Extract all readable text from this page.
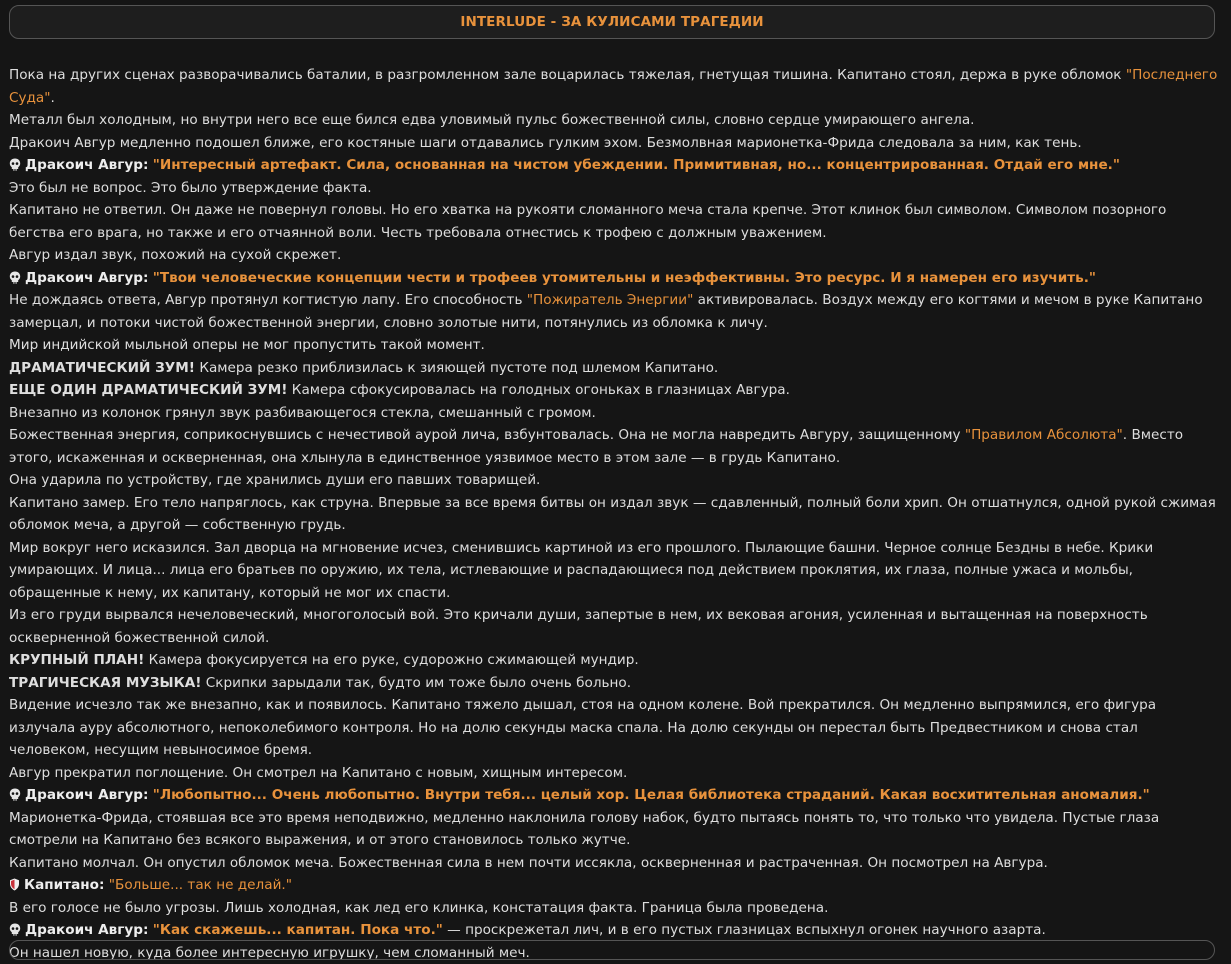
INTERLUDE - ЗА КУЛИСАМИ ТРАГЕДИИ

Пока на других сценах разворачивались баталии, в разгромленном зале воцарилась тяжелая, гнетущая тишина. Капитано стоял, держа в руке обломок "Последнего Суда".

Металл был холодным, но внутри него все еще бился едва уловимый пульс божественной силы, словно сердце умирающего ангела.

Дракоич Авгур медленно подошел ближе, его костяные шаги отдавались гулким эхом. Безмолвная марионетка-Фрида следовала за ним, как тень.

Дракоич Авгур: "Интересный артефакт. Сила, основанная на чистом убеждении. Примитивная, но... концентрированная. Отдай его мне."

Это был не вопрос. Это было утверждение факта.

Капитано не ответил. Он даже не повернул головы. Но его хватка на рукояти сломанного меча стала крепче. Этот клинок был символом. Символом позорного бегства его врага, но также и его отчаянной воли. Честь требовала отнестись к трофею с должным уважением.

Авгур издал звук, похожий на сухой скрежет.

Дракоич Авгур: "Твои человеческие концепции чести и трофеев утомительны и неэффективны. Это ресурс. И я намерен его изучить."

Не дождаясь ответа, Авгур протянул когтистую лапу. Его способность "Пожиратель Энергии" активировалась. Воздух между его когтями и мечом в руке Капитано замерцал, и потоки чистой божественной энергии, словно золотые нити, потянулись из обломка к личу.

Мир индийской мыльной оперы не мог пропустить такой момент.

ДРАМАТИЧЕСКИЙ ЗУМ! Камера резко приблизилась к зияющей пустоте под шлемом Капитано.

ЕЩЕ ОДИН ДРАМАТИЧЕСКИЙ ЗУМ! Камера сфокусировалась на голодных огоньках в глазницах Авгура.

Внезапно из колонок грянул звук разбивающегося стекла, смешанный с громом.

Божественная энергия, соприкоснувшись с нечестивой аурой лича, взбунтовалась. Она не могла навредить Авгуру, защищенному "Правилом Абсолюта". Вместо этого, искаженная и оскверненная, она хлынула в единственное уязвимое место в этом зале — в грудь Капитано.

Она ударила по устройству, где хранились души его павших товарищей.

Капитано замер. Его тело напряглось, как струна. Впервые за все время битвы он издал звук — сдавленный, полный боли хрип. Он отшатнулся, одной рукой сжимая обломок меча, а другой — собственную грудь.

Мир вокруг него исказился. Зал дворца на мгновение исчез, сменившись картиной из его прошлого. Пылающие башни. Черное солнце Бездны в небе. Крики умирающих. И лица... лица его братьев по оружию, их тела, истлевающие и распадающиеся под действием проклятия, их глаза, полные ужаса и мольбы, обращенные к нему, их капитану, который не мог их спасти.

Из его груди вырвался нечеловеческий, многоголосый вой. Это кричали души, запертые в нем, их вековая агония, усиленная и вытащенная на поверхность оскверненной божественной силой.

КРУПНЫЙ ПЛАН! Камера фокусируется на его руке, судорожно сжимающей мундир.

ТРАГИЧЕСКАЯ МУЗЫКА! Скрипки зарыдали так, будто им тоже было очень больно.

Видение исчезло так же внезапно, как и появилось. Капитано тяжело дышал, стоя на одном колене. Вой прекратился. Он медленно выпрямился, его фигура излучала ауру абсолютного, непоколебимого контроля. Но на долю секунды маска спала. На долю секунды он перестал быть Предвестником и снова стал человеком, несущим невыносимое бремя.

Авгур прекратил поглощение. Он смотрел на Капитано с новым, хищным интересом.

Дракоич Авгур: "Любопытно... Очень любопытно. Внутри тебя... целый хор. Целая библиотека страданий. Какая восхитительная аномалия."

Марионетка-Фрида, стоявшая все это время неподвижно, медленно наклонила голову набок, будто пытаясь понять то, что только что увидела. Пустые глаза смотрели на Капитано без всякого выражения, и от этого становилось только жутче.

Капитано молчал. Он опустил обломок меча. Божественная сила в нем почти иссякла, оскверненная и растраченная. Он посмотрел на Авгура.

Капитано: "Больше... так не делай."

В его голосе не было угрозы. Лишь холодная, как лед его клинка, констатация факта. Граница была проведена.

Дракоич Авгур: "Как скажешь... капитан. Пока что." — проскрежетал лич, и в его пустых глазницах вспыхнул огонек научного азарта.

Он нашел новую, куда более интересную игрушку, чем сломанный меч.
